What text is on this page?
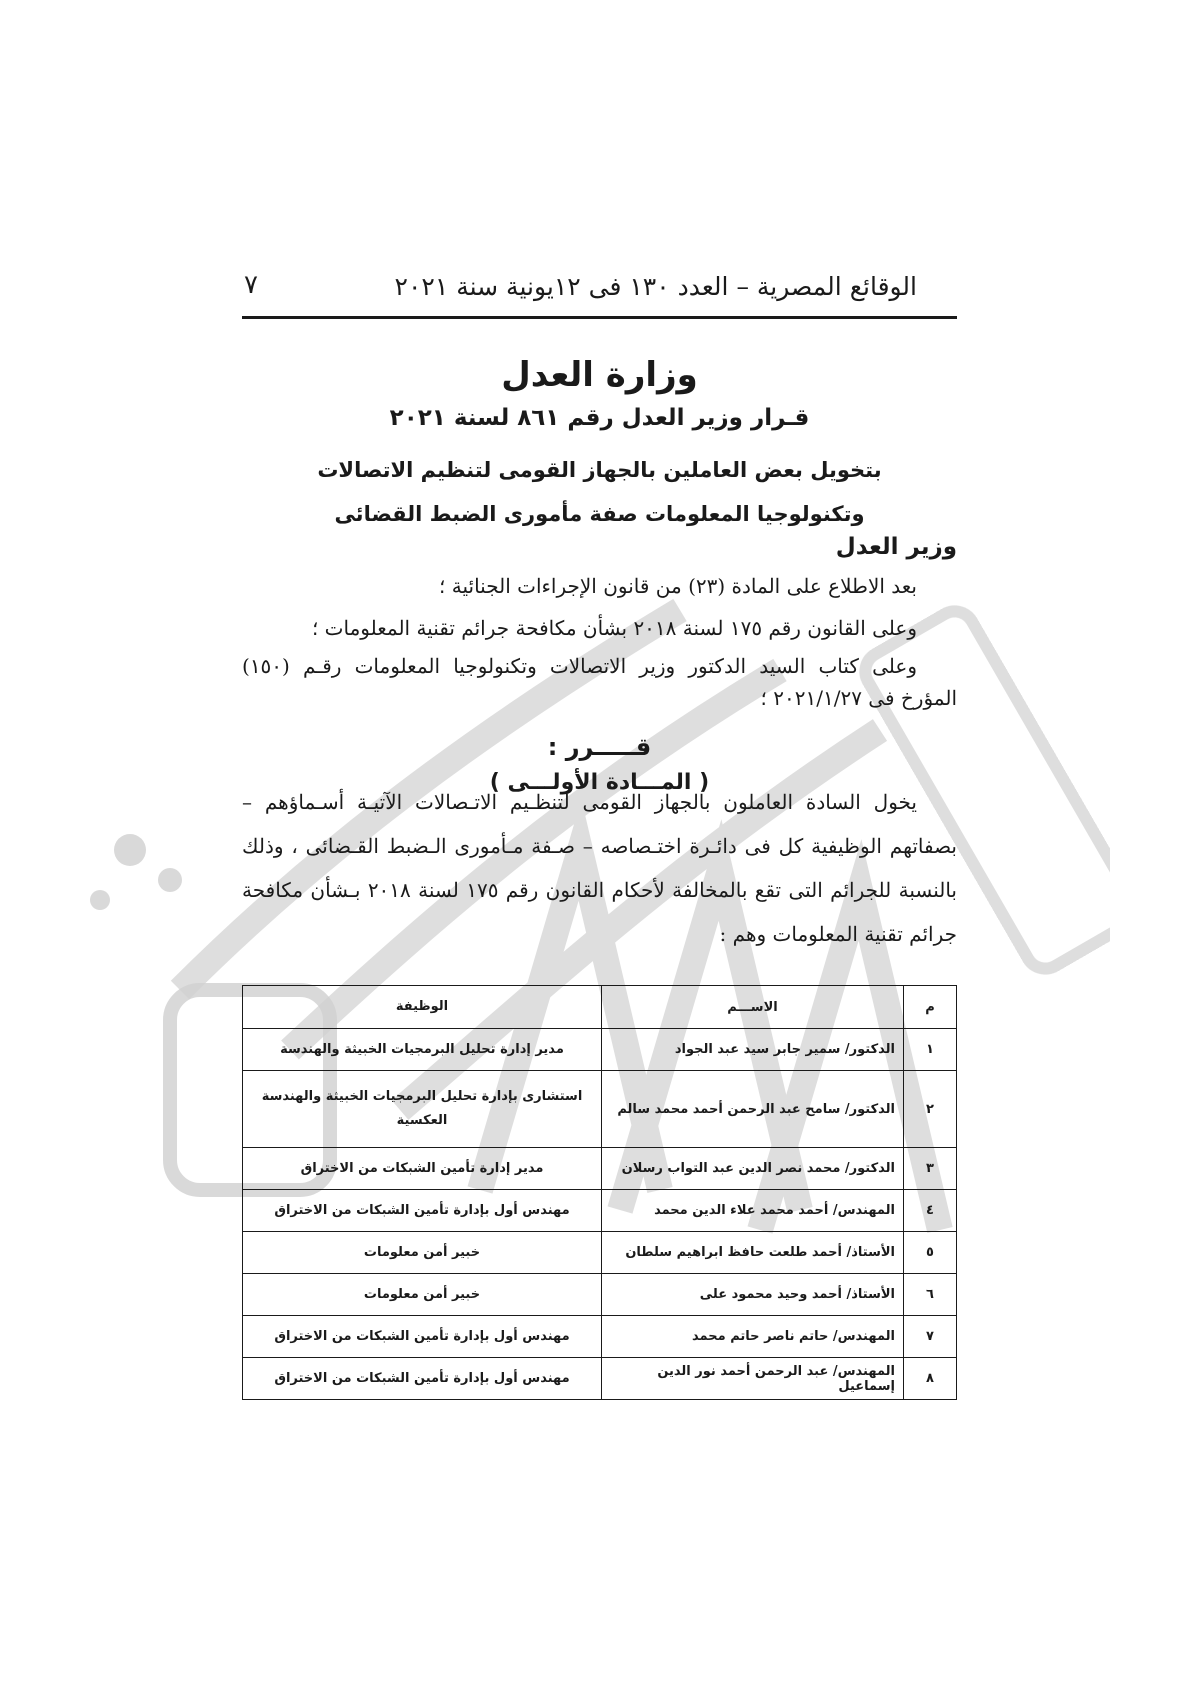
الوقائع المصرية – العدد ١٣٠ فى ١٢يونية سنة ٢٠٢١
٧
وزارة العدل
قـرار وزير العدل رقم ٨٦١ لسنة ٢٠٢١
بتخويل بعض العاملين بالجهاز القومى لتنظيم الاتصالات
وتكنولوجيا المعلومات صفة مأمورى الضبط القضائى
وزير العدل
بعد الاطلاع على المادة (٢٣) من قانون الإجراءات الجنائية ؛
وعلى القانون رقم ١٧٥ لسنة ٢٠١٨ بشأن مكافحة جرائم تقنية المعلومات ؛
وعلى كتاب السيد الدكتور وزير الاتصالات وتكنولوجيا المعلومات رقـم (١٥٠) المؤرخ فى ٢٠٢١/١/٢٧ ؛
قـــــرر :
( المـــادة الأولـــى )
يخول السادة العاملون بالجهاز القومى لتنظـيم الاتـصالات الآتيـة أسـماؤهم – بصفاتهم الوظيفية كل فى دائـرة اختـصاصه – صـفة مـأمورى الـضبط القـضائى ، وذلك بالنسبة للجرائم التى تقع بالمخالفة لأحكام القانون رقم ١٧٥ لسنة ٢٠١٨ بـشأن مكافحة جرائم تقنية المعلومات وهم :
م	الاســـم	الوظيفة
١	الدكتور/ سمير جابر سيد عبد الجواد	مدير إدارة تحليل البرمجيات الخبيثة والهندسة
٢	الدكتور/ سامح عبد الرحمن أحمد محمد سالم	استشارى بإدارة تحليل البرمجيات الخبيثة والهندسة العكسية
٣	الدكتور/ محمد نصر الدين عبد التواب رسلان	مدير إدارة تأمين الشبكات من الاختراق
٤	المهندس/ أحمد محمد علاء الدين محمد	مهندس أول بإدارة تأمين الشبكات من الاختراق
٥	الأستاذ/ أحمد طلعت حافظ ابراهيم سلطان	خبير أمن معلومات
٦	الأستاذ/ أحمد وحيد محمود على	خبير أمن معلومات
٧	المهندس/ حاتم ناصر حاتم محمد	مهندس أول بإدارة تأمين الشبكات من الاختراق
٨	المهندس/ عبد الرحمن أحمد نور الدين إسماعيل	مهندس أول بإدارة تأمين الشبكات من الاختراق
